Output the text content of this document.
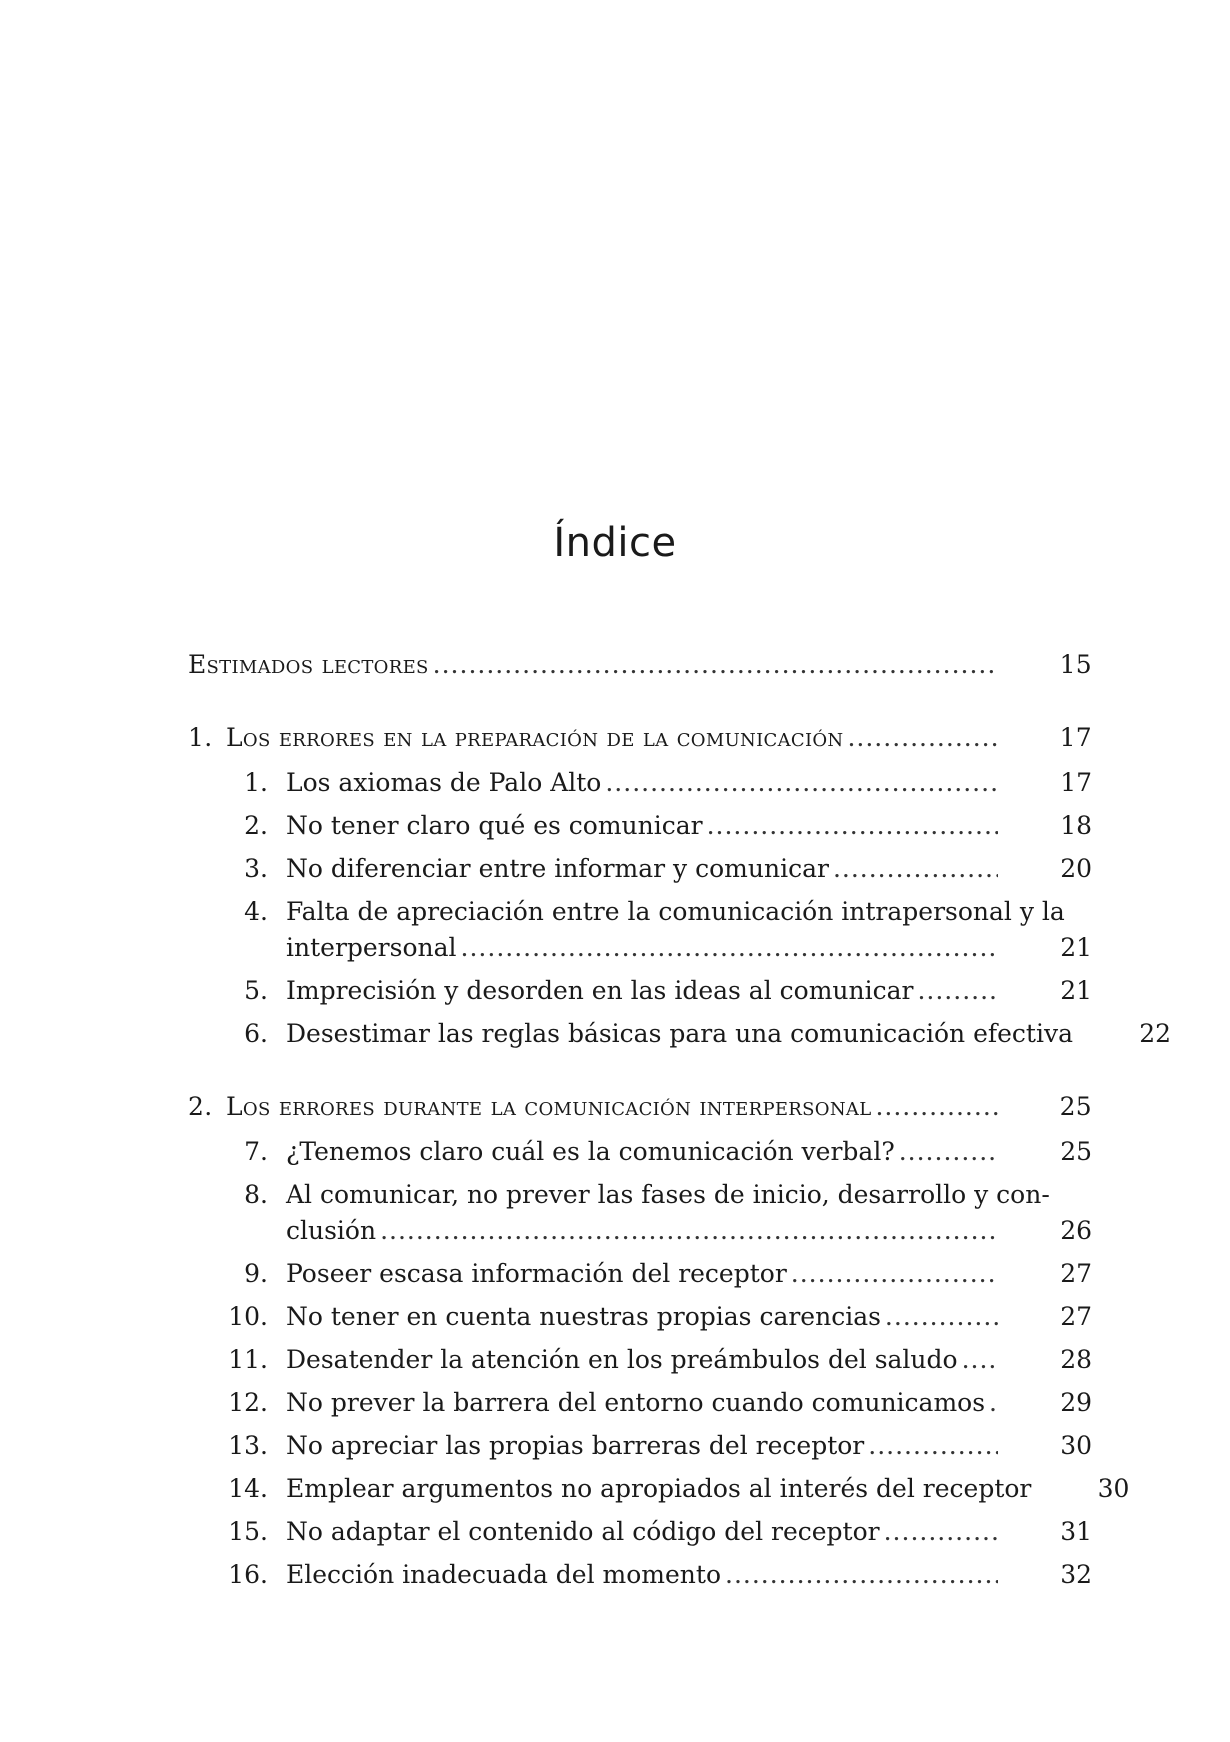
Índice
Estimados lectores .....	15
1. Los errores en la preparación de la comunicación .....	17
1. Los axiomas de Palo Alto .....	17
2. No tener claro qué es comunicar .....	18
3. No diferenciar entre informar y comunicar .....	20
4. Falta de apreciación entre la comunicación intrapersonal y la
interpersonal .....	21
5. Imprecisión y desorden en las ideas al comunicar .....	21
6. Desestimar las reglas básicas para una comunicación efectiva	22
2. Los errores durante la comunicación interpersonal .....	25
7. ¿Tenemos claro cuál es la comunicación verbal? .....	25
8. Al comunicar, no prever las fases de inicio, desarrollo y con-
clusión .....	26
9. Poseer escasa información del receptor .....	27
10. No tener en cuenta nuestras propias carencias .....	27
11. Desatender la atención en los preámbulos del saludo .....	28
12. No prever la barrera del entorno cuando comunicamos .....	29
13. No apreciar las propias barreras del receptor .....	30
14. Emplear argumentos no apropiados al interés del receptor	30
15. No adaptar el contenido al código del receptor .....	31
16. Elección inadecuada del momento .....	32
